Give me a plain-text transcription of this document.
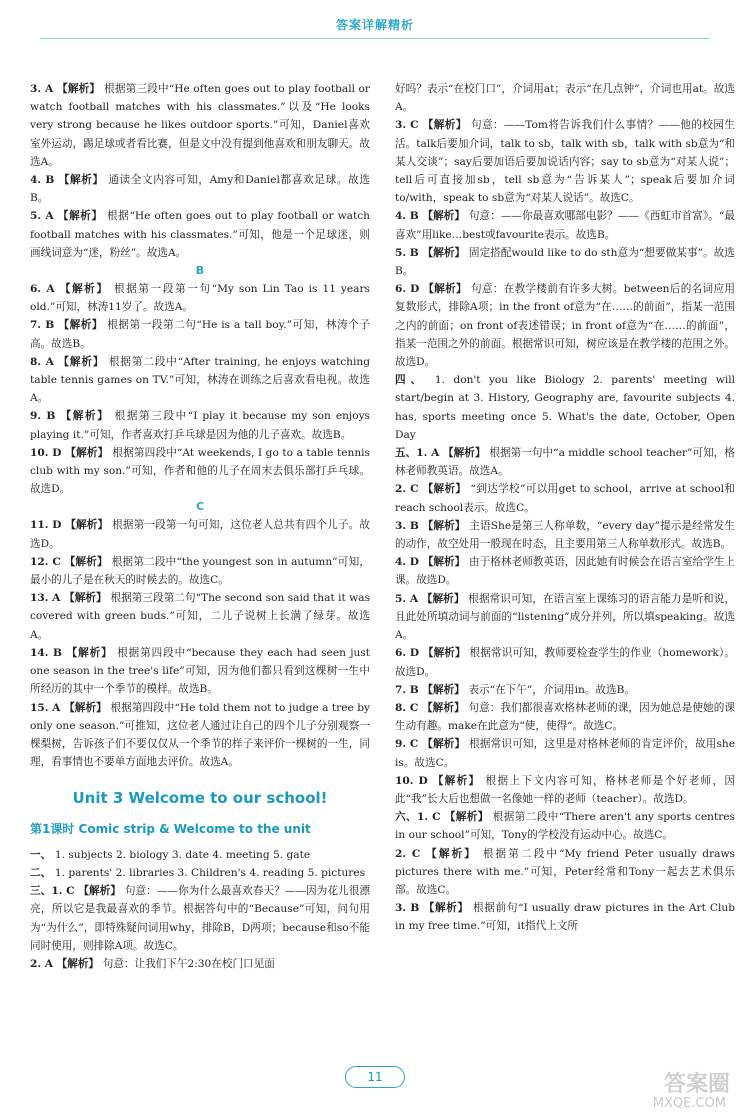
答案详解精析
3. A 【解析】 根据第三段中“He often goes out to play football or watch football matches with his classmates.”以及“He looks very strong because he likes outdoor sports.”可知，Daniel喜欢室外运动，踢足球或者看比赛，但是文中没有提到他喜欢和朋友聊天。故选A。
4. B 【解析】 通读全文内容可知，Amy和Daniel都喜欢足球。故选B。
5. A 【解析】 根据“He often goes out to play football or watch football matches with his classmates.”可知，他是一个足球迷，则画线词意为“迷，粉丝”。故选A。
B
6. A 【解析】 根据第一段第一句“My son Lin Tao is 11 years old.”可知，林涛11岁了。故选A。
7. B 【解析】 根据第一段第二句“He is a tall boy.”可知，林涛个子高。故选B。
8. A 【解析】 根据第二段中“After training, he enjoys watching table tennis games on TV.”可知，林涛在训练之后喜欢看电视。故选A。
9. B 【解析】 根据第三段中“I play it because my son enjoys playing it.”可知，作者喜欢打乒乓球是因为他的儿子喜欢。故选B。
10. D 【解析】 根据第四段中“At weekends, I go to a table tennis club with my son.”可知，作者和他的儿子在周末去俱乐部打乒乓球。故选D。
C
11. D 【解析】 根据第一段第一句可知，这位老人总共有四个儿子。故选D。
12. C 【解析】 根据第二段中“the youngest son in autumn”可知，最小的儿子是在秋天的时候去的。故选C。
13. A 【解析】 根据第三段第二句“The second son said that it was covered with green buds.”可知，二儿子说树上长满了绿芽。故选A。
14. B 【解析】 根据第四段中“because they each had seen just one season in the tree's life”可知，因为他们都只看到这棵树一生中所经历的其中一个季节的模样。故选B。
15. A 【解析】 根据第四段中“He told them not to judge a tree by only one season.”可推知，这位老人通过让自己的四个儿子分别观察一棵梨树，告诉孩子们不要仅仅从一个季节的样子来评价一棵树的一生，同理，看事情也不要单方面地去评价。故选A。
Unit 3 Welcome to our school!
第1课时 Comic strip & Welcome to the unit
一、 1. subjects 2. biology 3. date 4. meeting 5. gate
二、 1. parents' 2. libraries 3. Children's 4. reading 5. pictures
三、1. C 【解析】 句意：——你为什么最喜欢春天？——因为花儿很漂亮，所以它是我最喜欢的季节。根据答句中的“Because”可知，问句用为“为什么”，即特殊疑问词用why，排除B，D两项；because和so不能同时使用，则排除A项。故选C。
2. A 【解析】 句意：让我们下午2:30在校门口见面
好吗？表示“在校门口”，介词用at；表示“在几点钟”，介词也用at。故选A。
3. C 【解析】 句意：——Tom将告诉我们什么事情？——他的校园生活。talk后要加介词，talk to sb，talk with sb，talk with sb意为“和某人交谈”；say后要加语后要加说话内容；say to sb意为“对某人说”；tell后可直接加sb，tell sb意为“告诉某人”；speak后要加介词to/with，speak to sb意为“对某人说话”。故选C。
4. B 【解析】 句意：——你最喜欢哪部电影？——《西虹市首富》。“最喜欢”用like…best或favourite表示。故选B。
5. B 【解析】 固定搭配would like to do sth意为“想要做某事”。故选B。
6. D 【解析】 句意：在教学楼前有许多大树。between后的名词应用复数形式，排除A项；in the front of意为“在……的前面”，指某一范围之内的前面；on front of表述错误；in front of意为“在……的前面”，指某一范围之外的前面。根据常识可知，树应该是在教学楼的范围之外。故选D。
四、 1. don't you like Biology 2. parents' meeting will start/begin at 3. History, Geography are, favourite subjects 4. has, sports meeting once 5. What's the date, October, Open Day
五、1. A 【解析】 根据第一句中“a middle school teacher”可知，格林老师教英语。故选A。
2. C 【解析】 “到达学校”可以用get to school，arrive at school和reach school表示。故选C。
3. B 【解析】 主语She是第三人称单数，“every day”提示是经常发生的动作，故空处用一般现在时态，且主要用第三人称单数形式。故选B。
4. D 【解析】 由于格林老师教英语，因此她有时候会在语言室给学生上课。故选D。
5. A 【解析】 根据常识可知，在语言室上课练习的语言能力是听和说，且此处所填动词与前面的“listening”成分并列，所以填speaking。故选A。
6. D 【解析】 根据常识可知，教师要检查学生的作业（homework）。故选D。
7. B 【解析】 表示“在下午”，介词用in。故选B。
8. C 【解析】 句意：我们都很喜欢格林老师的课，因为她总是使她的课生动有趣。make在此意为“使，使得”。故选C。
9. C 【解析】 根据常识可知，这里是对格林老师的肯定评价，故用she is。故选C。
10. D 【解析】 根据上下文内容可知，格林老师是个好老师，因此“我”长大后也想做一名像她一样的老师（teacher）。故选D。
六、1. C 【解析】 根据第二段中“There aren't any sports centres in our school”可知，Tony的学校没有运动中心。故选C。
2. C 【解析】 根据第二段中“My friend Peter usually draws pictures there with me.”可知，Peter经常和Tony一起去艺术俱乐部。故选C。
3. B 【解析】 根据前句“I usually draw pictures in the Art Club in my free time.”可知，it指代上文所
11	答案圈
MXQE.COM
